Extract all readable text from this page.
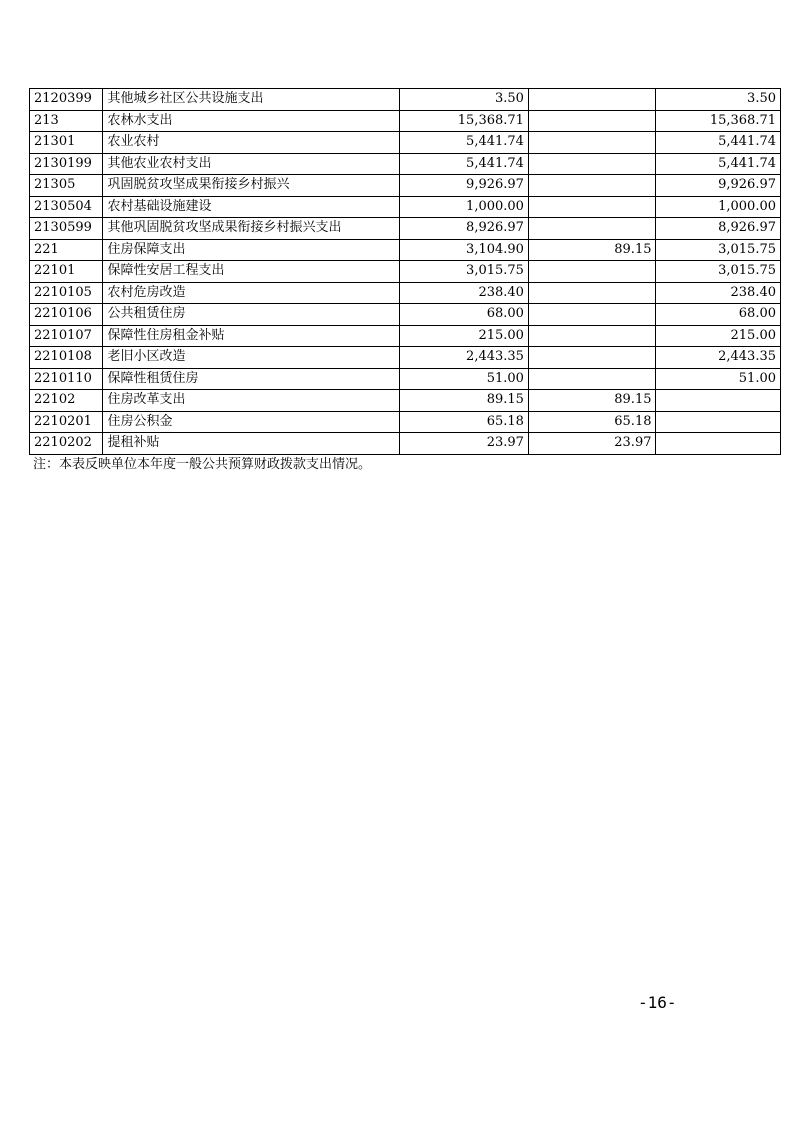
2120399	其他城乡社区公共设施支出	3.50		3.50
213	农林水支出	15,368.71		15,368.71
21301	农业农村	5,441.74		5,441.74
2130199	其他农业农村支出	5,441.74		5,441.74
21305	巩固脱贫攻坚成果衔接乡村振兴	9,926.97		9,926.97
2130504	农村基础设施建设	1,000.00		1,000.00
2130599	其他巩固脱贫攻坚成果衔接乡村振兴支出	8,926.97		8,926.97
221	住房保障支出	3,104.90	89.15	3,015.75
22101	保障性安居工程支出	3,015.75		3,015.75
2210105	农村危房改造	238.40		238.40
2210106	公共租赁住房	68.00		68.00
2210107	保障性住房租金补贴	215.00		215.00
2210108	老旧小区改造	2,443.35		2,443.35
2210110	保障性租赁住房	51.00		51.00
22102	住房改革支出	89.15	89.15	
2210201	住房公积金	65.18	65.18	
2210202	提租补贴	23.97	23.97	
注：本表反映单位本年度一般公共预算财政拨款支出情况。
-16-
